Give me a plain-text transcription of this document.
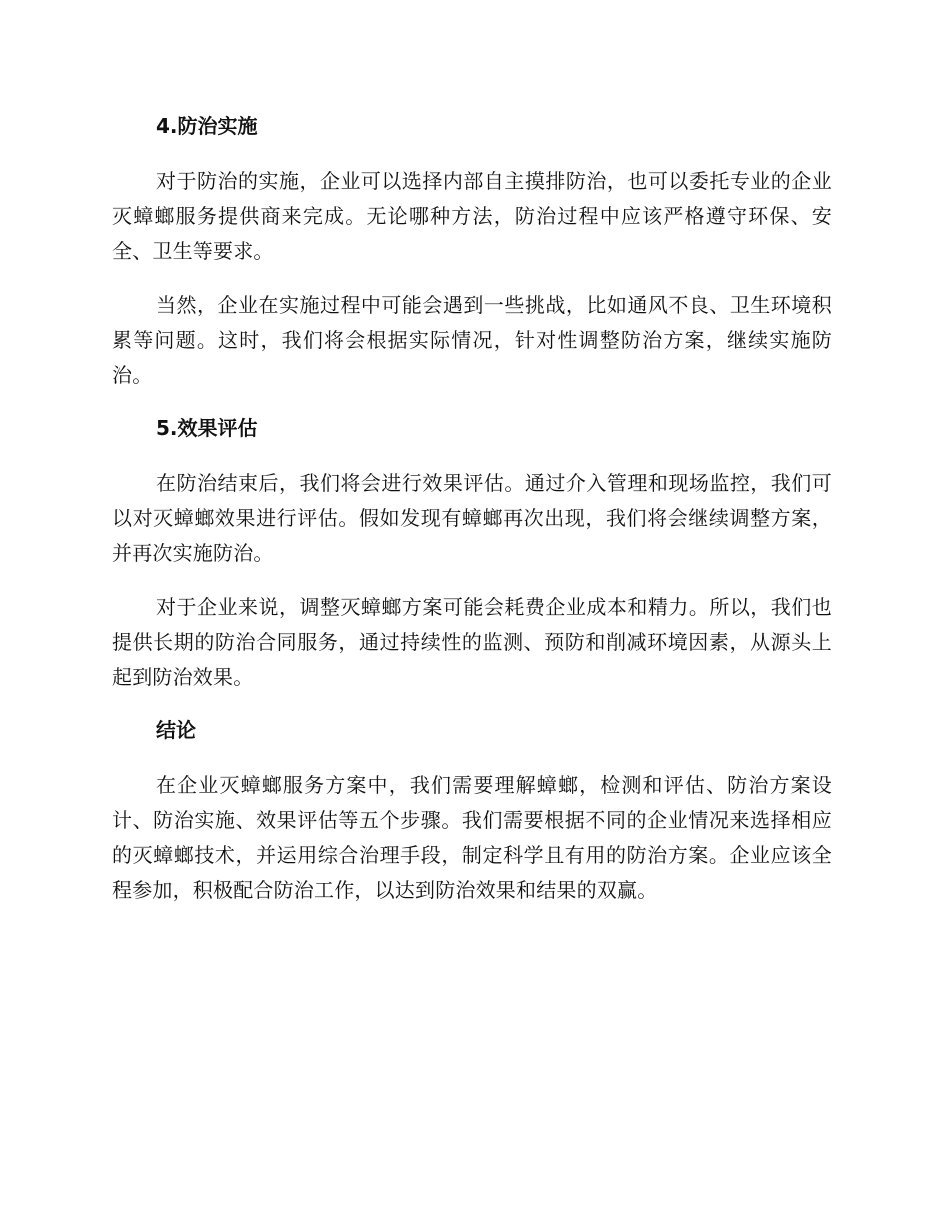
4.防治实施

对于防治的实施，企业可以选择内部自主摸排防治，也可以委托专业的企业灭蟑螂服务提供商来完成。无论哪种方法，防治过程中应该严格遵守环保、安全、卫生等要求。

当然，企业在实施过程中可能会遇到一些挑战，比如通风不良、卫生环境积累等问题。这时，我们将会根据实际情况，针对性调整防治方案，继续实施防治。

5.效果评估

在防治结束后，我们将会进行效果评估。通过介入管理和现场监控，我们可以对灭蟑螂效果进行评估。假如发现有蟑螂再次出现，我们将会继续调整方案，并再次实施防治。

对于企业来说，调整灭蟑螂方案可能会耗费企业成本和精力。所以，我们也提供长期的防治合同服务，通过持续性的监测、预防和削减环境因素，从源头上起到防治效果。

结论

在企业灭蟑螂服务方案中，我们需要理解蟑螂，检测和评估、防治方案设计、防治实施、效果评估等五个步骤。我们需要根据不同的企业情况来选择相应的灭蟑螂技术，并运用综合治理手段，制定科学且有用的防治方案。企业应该全程参加，积极配合防治工作，以达到防治效果和结果的双赢。
